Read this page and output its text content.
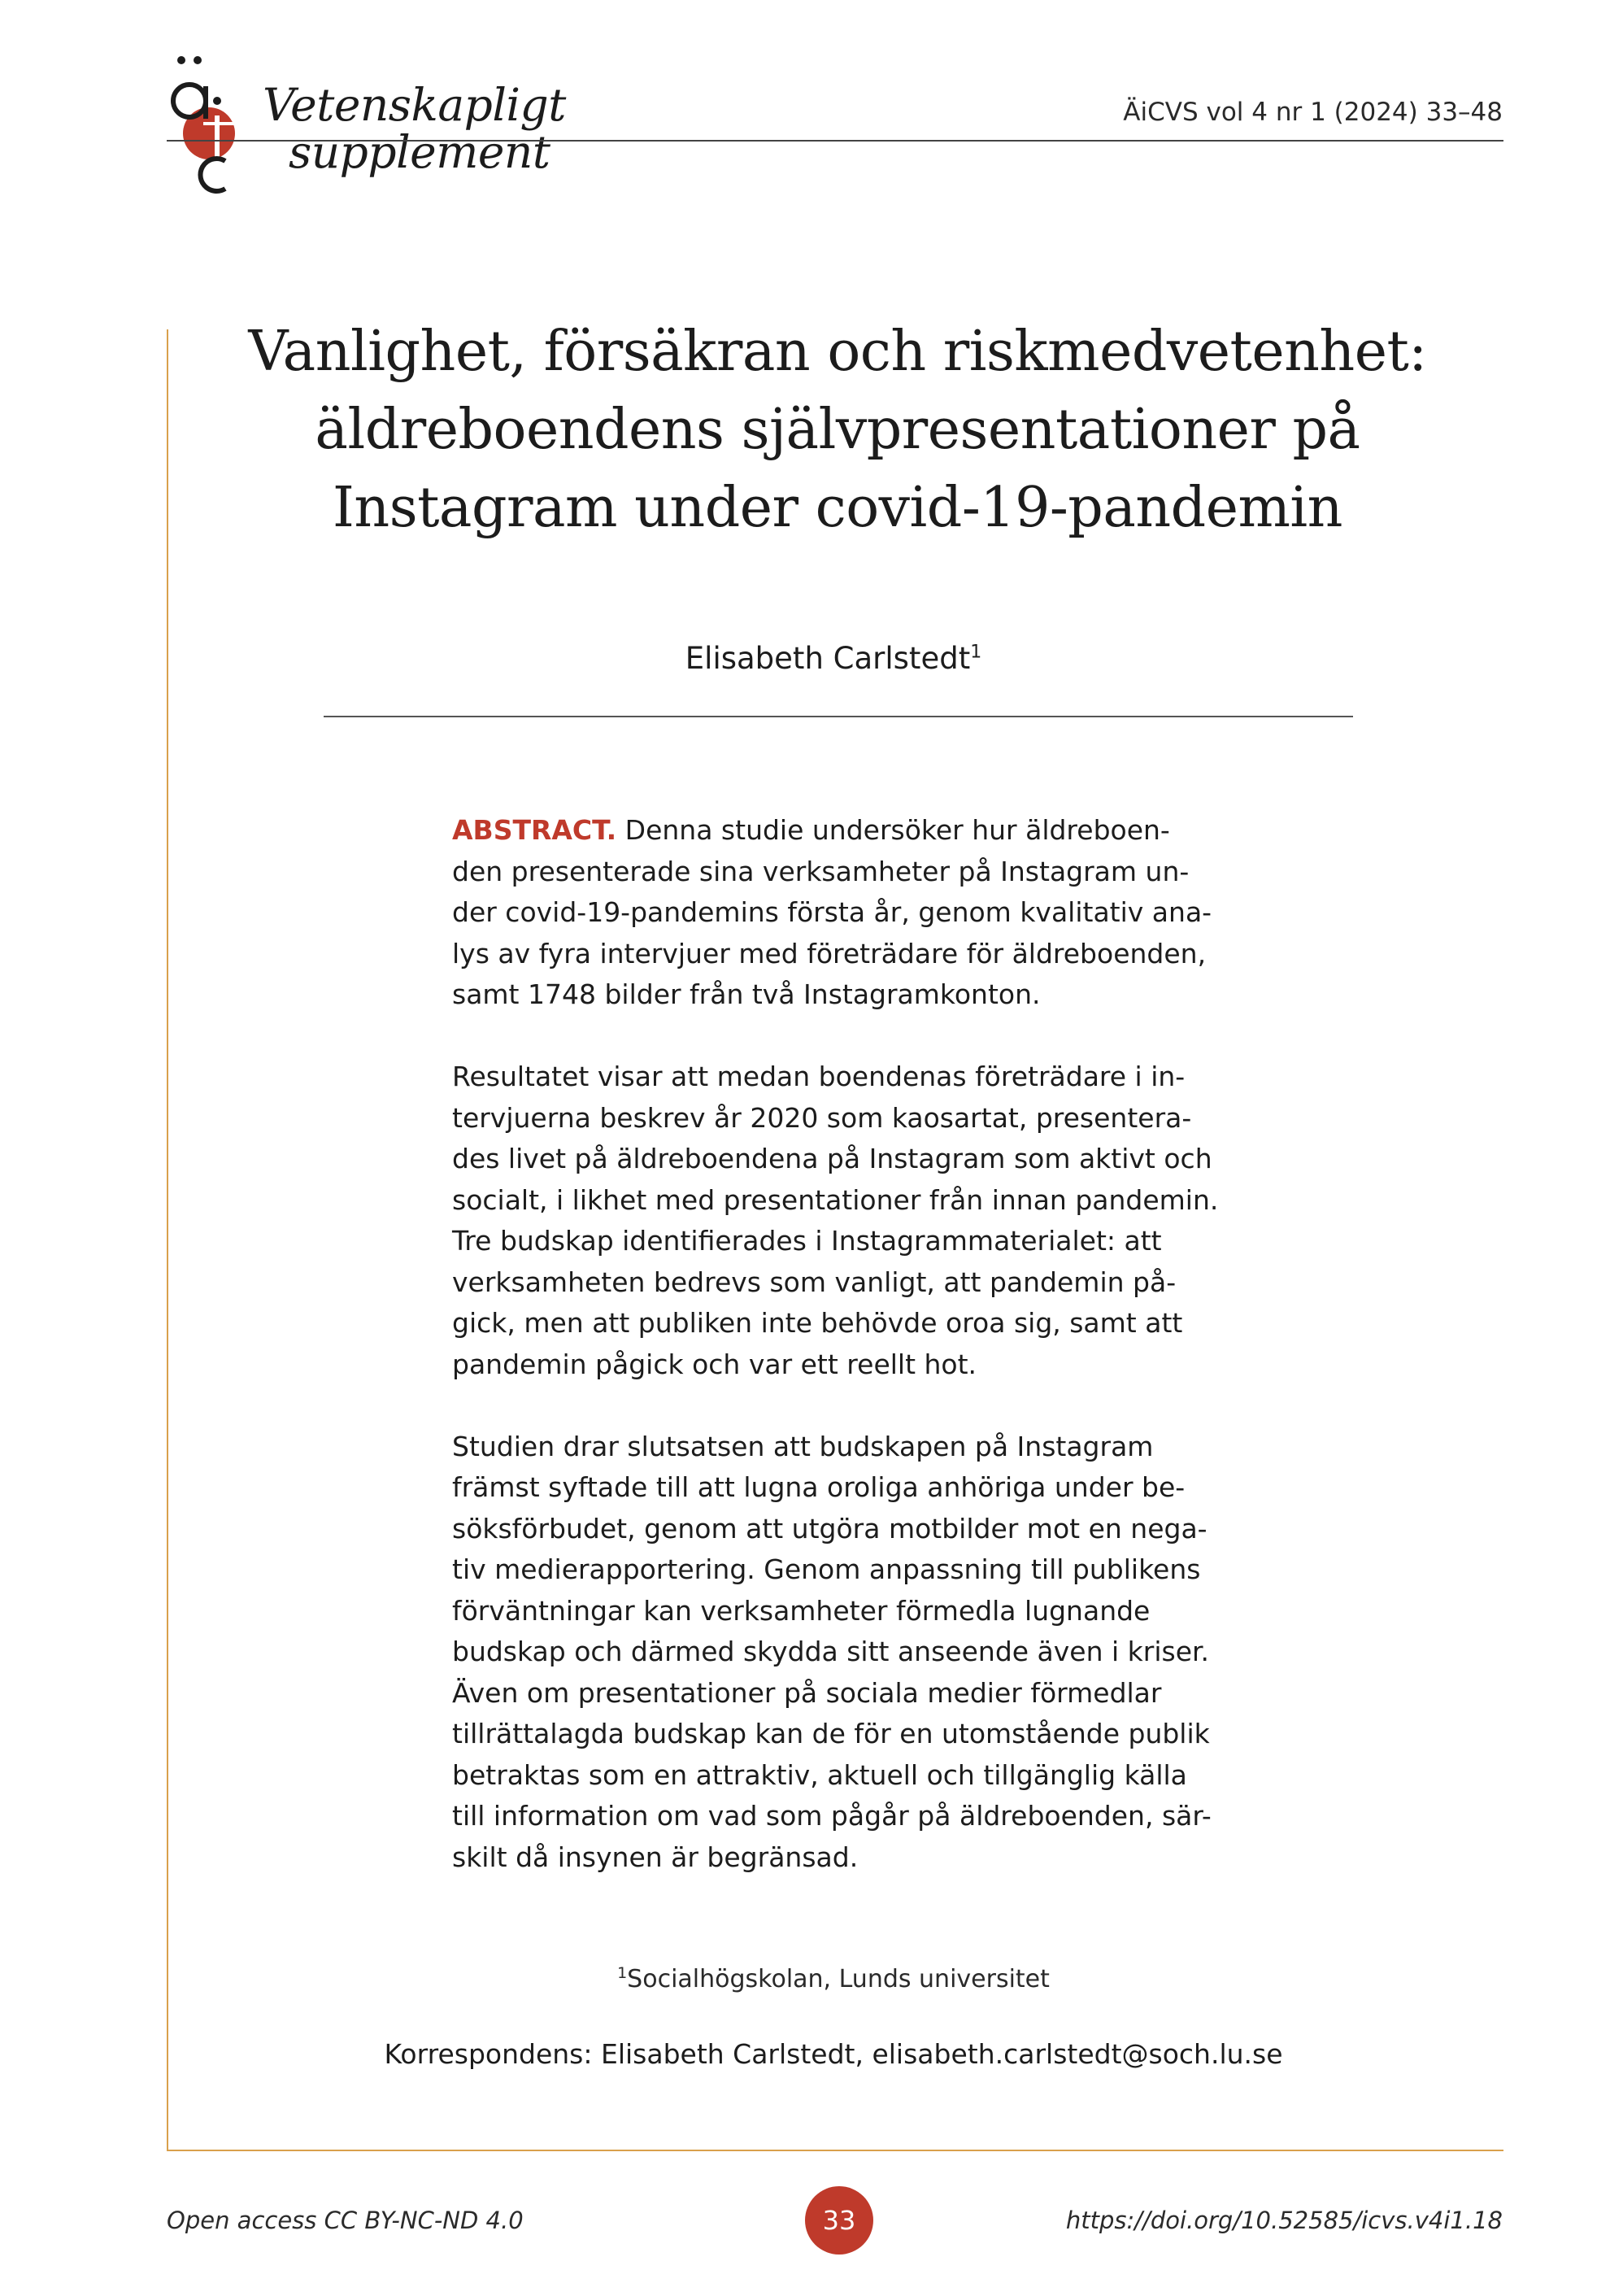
Vetenskapligt
supplement
ÄiCVS vol 4 nr 1 (2024) 33–48
Vanlighet, försäkran och riskmedvetenhet:
äldreboendens självpresentationer på
Instagram under covid-19-pandemin
Elisabeth Carlstedt$^1$
ABSTRACT. Denna studie undersöker hur äldreboen-
den presenterade sina verksamheter på Instagram un-
der covid-19-pandemins första år, genom kvalitativ ana-
lys av fyra intervjuer med företrädare för äldreboenden,
samt 1748 bilder från två Instagramkonton.
Resultatet visar att medan boendenas företrädare i in-
tervjuerna beskrev år 2020 som kaosartat, presentera-
des livet på äldreboendena på Instagram som aktivt och
socialt, i likhet med presentationer från innan pandemin.
Tre budskap identifierades i Instagrammaterialet: att
verksamheten bedrevs som vanligt, att pandemin på-
gick, men att publiken inte behövde oroa sig, samt att
pandemin pågick och var ett reellt hot.
Studien drar slutsatsen att budskapen på Instagram
främst syftade till att lugna oroliga anhöriga under be-
söksförbudet, genom att utgöra motbilder mot en nega-
tiv medierapportering. Genom anpassning till publikens
förväntningar kan verksamheter förmedla lugnande
budskap och därmed skydda sitt anseende även i kriser.
Även om presentationer på sociala medier förmedlar
tillrättalagda budskap kan de för en utomstående publik
betraktas som en attraktiv, aktuell och tillgänglig källa
till information om vad som pågår på äldreboenden, sär-
skilt då insynen är begränsad.
$^1$Socialhögskolan, Lunds universitet
Korrespondens: Elisabeth Carlstedt, elisabeth.carlstedt@soch.lu.se
Open access CC BY-NC-ND 4.0	33	https://doi.org/10.52585/icvs.v4i1.18
